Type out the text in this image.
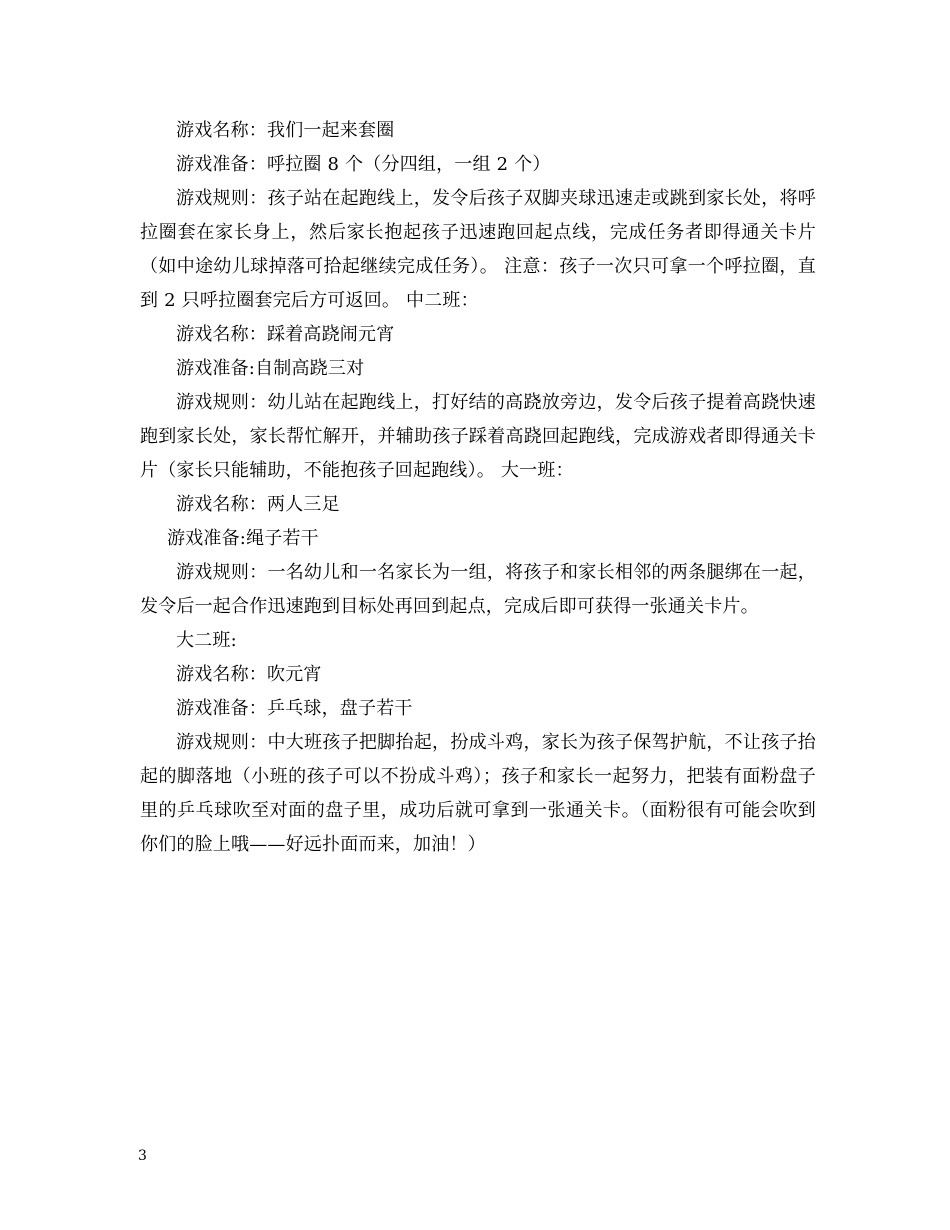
游戏名称：我们一起来套圈

游戏准备：呼拉圈 8 个（分四组，一组 2 个）

游戏规则：孩子站在起跑线上，发令后孩子双脚夹球迅速走或跳到家长处，将呼拉圈套在家长身上，然后家长抱起孩子迅速跑回起点线，完成任务者即得通关卡片（如中途幼儿球掉落可拾起继续完成任务）。 注意：孩子一次只可拿一个呼拉圈，直到 2 只呼拉圈套完后方可返回。 中二班：

游戏名称：踩着高跷闹元宵

游戏准备:自制高跷三对

游戏规则：幼儿站在起跑线上，打好结的高跷放旁边，发令后孩子提着高跷快速跑到家长处，家长帮忙解开，并辅助孩子踩着高跷回起跑线，完成游戏者即得通关卡片（家长只能辅助，不能抱孩子回起跑线）。 大一班：

游戏名称：两人三足

游戏准备:绳子若干

游戏规则：一名幼儿和一名家长为一组，将孩子和家长相邻的两条腿绑在一起，发令后一起合作迅速跑到目标处再回到起点，完成后即可获得一张通关卡片。

大二班:

游戏名称：吹元宵

游戏准备：乒乓球，盘子若干

游戏规则：中大班孩子把脚抬起，扮成斗鸡，家长为孩子保驾护航，不让孩子抬起的脚落地（小班的孩子可以不扮成斗鸡）；孩子和家长一起努力，把装有面粉盘子里的乒乓球吹至对面的盘子里，成功后就可拿到一张通关卡。（面粉很有可能会吹到你们的脸上哦——好远扑面而来，加油！）

3
